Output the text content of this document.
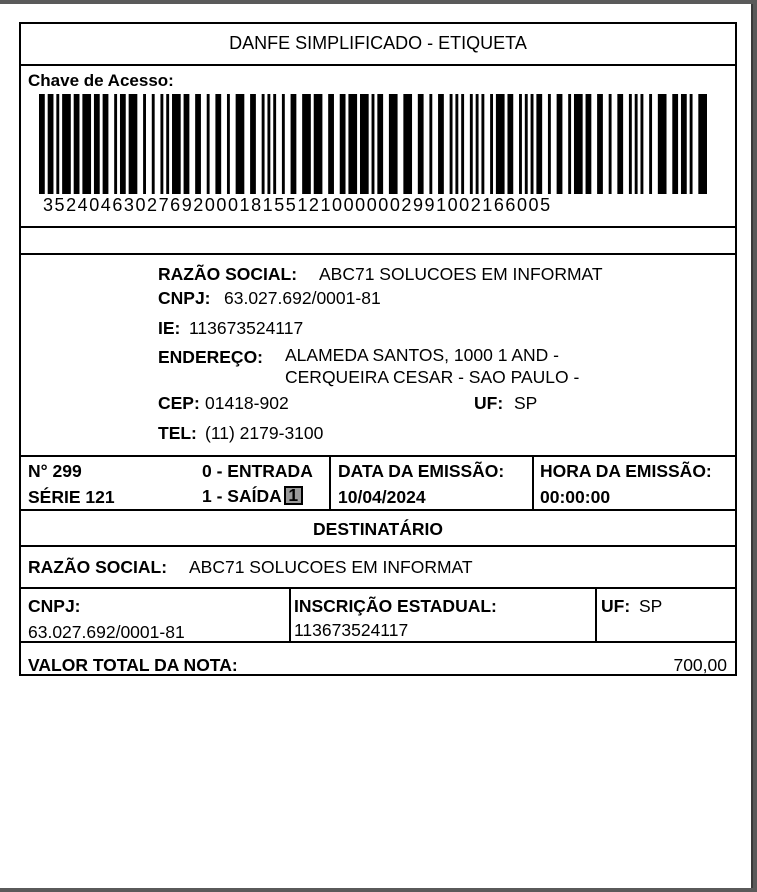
DANFE SIMPLIFICADO - ETIQUETA
Chave de Acesso:
35240463027692000181551210000002991002166005
RAZÃO SOCIAL: ABC71 SOLUCOES EM INFORMAT
CNPJ: 63.027.692/0001-81
IE: 113673524117
ENDEREÇO: ALAMEDA SANTOS, 1000 1 AND -
CERQUEIRA CESAR - SAO PAULO -
CEP: 01418-902	UF: SP
TEL: (11) 2179-3100
N° 299
SÉRIE 121
0 - ENTRADA
1 - SAÍDA 1
DATA DA EMISSÃO:
10/04/2024
HORA DA EMISSÃO:
00:00:00
DESTINATÁRIO
RAZÃO SOCIAL: ABC71 SOLUCOES EM INFORMAT
CNPJ:
63.027.692/0001-81
INSCRIÇÃO ESTADUAL:
113673524117
UF: SP
VALOR TOTAL DA NOTA:	700,00
